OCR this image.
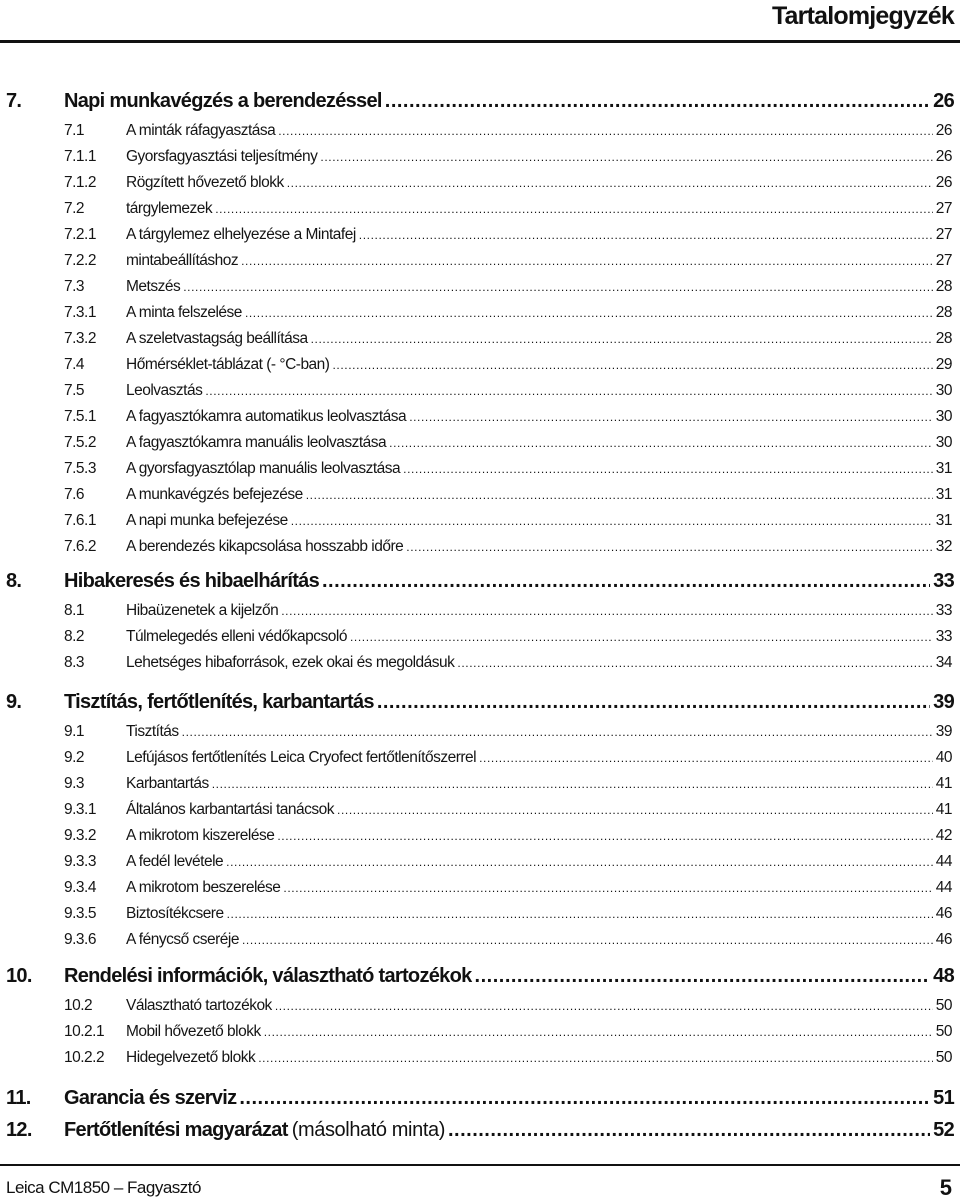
Tartalomjegyzék
7.	Napi munkavégzés a berendezéssel .....	26
7.1	A minták ráfagyasztása .....	26
7.1.1	Gyorsfagyasztási teljesítmény .....	26
7.1.2	Rögzített hővezető blokk .....	26
7.2	tárgylemezek .....	27
7.2.1	A tárgylemez elhelyezése a Mintafej .....	27
7.2.2	mintabeállításhoz .....	27
7.3	Metszés .....	28
7.3.1	A minta felszelése .....	28
7.3.2	A szeletvastagság beállítása .....	28
7.4	Hőmérséklet-táblázat (- °C-ban) .....	29
7.5	Leolvasztás .....	30
7.5.1	A fagyasztókamra automatikus leolvasztása .....	30
7.5.2	A fagyasztókamra manuális leolvasztása .....	30
7.5.3	A gyorsfagyasztólap manuális leolvasztása .....	31
7.6	A munkavégzés befejezése .....	31
7.6.1	A napi munka befejezése .....	31
7.6.2	A berendezés kikapcsolása hosszabb időre .....	32
8.	Hibakeresés és hibaelhárítás .....	33
8.1	Hibaüzenetek a kijelzőn .....	33
8.2	Túlmelegedés elleni védőkapcsoló .....	33
8.3	Lehetséges hibaforrások, ezek okai és megoldásuk .....	34
9.	Tisztítás, fertőtlenítés, karbantartás .....	39
9.1	Tisztítás .....	39
9.2	Lefújásos fertőtlenítés Leica Cryofect fertőtlenítőszerrel .....	40
9.3	Karbantartás .....	41
9.3.1	Általános karbantartási tanácsok .....	41
9.3.2	A mikrotom kiszerelése .....	42
9.3.3	A fedél levétele .....	44
9.3.4	A mikrotom beszerelése .....	44
9.3.5	Biztosítékcsere .....	46
9.3.6	A fénycső cseréje .....	46
10.	Rendelési információk, választható tartozékok .....	48
10.2	Választható tartozékok .....	50
10.2.1	Mobil hővezető blokk .....	50
10.2.2	Hidegelvezető blokk .....	50
11.	Garancia és szerviz .....	51
12.	Fertőtlenítési magyarázat (másolható minta) .....	52
Leica CM1850 – Fagyasztó	5
